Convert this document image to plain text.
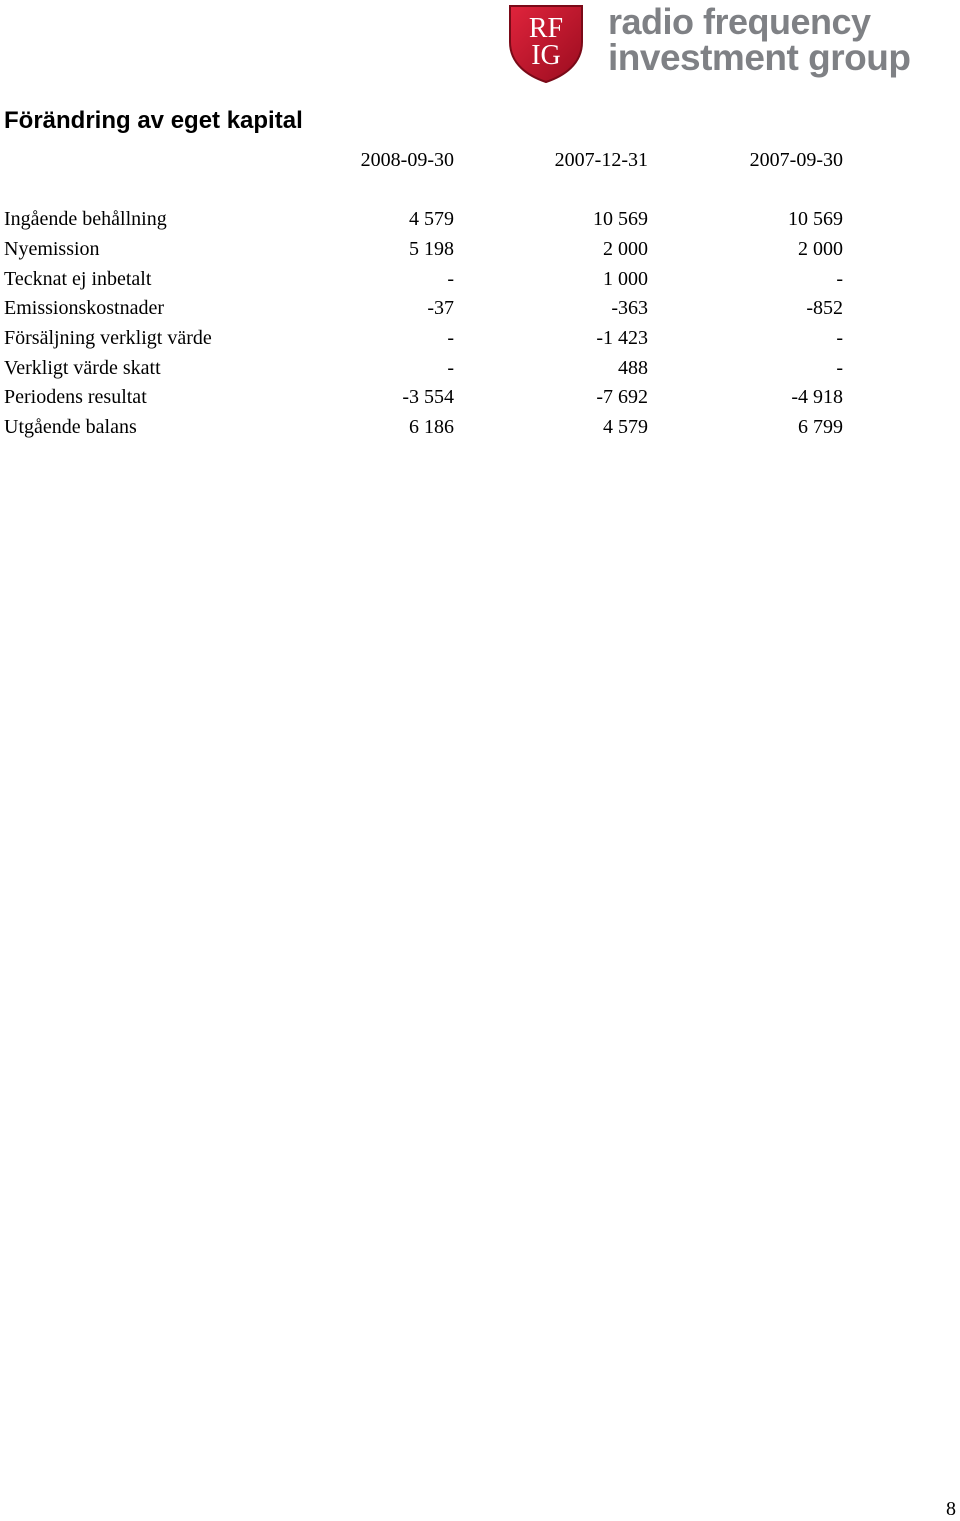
RF
IG
radio frequency
investment group
Förändring av eget kapital
2008-09-30	2007-12-31	2007-09-30
Ingående behållning	4 579	10 569	10 569
Nyemission	5 198	2 000	2 000
Tecknat ej inbetalt	-	1 000	-
Emissionskostnader	-37	-363	-852
Försäljning verkligt värde	-	-1 423	-
Verkligt värde skatt	-	488	-
Periodens resultat	-3 554	-7 692	-4 918
Utgående balans	6 186	4 579	6 799
8
